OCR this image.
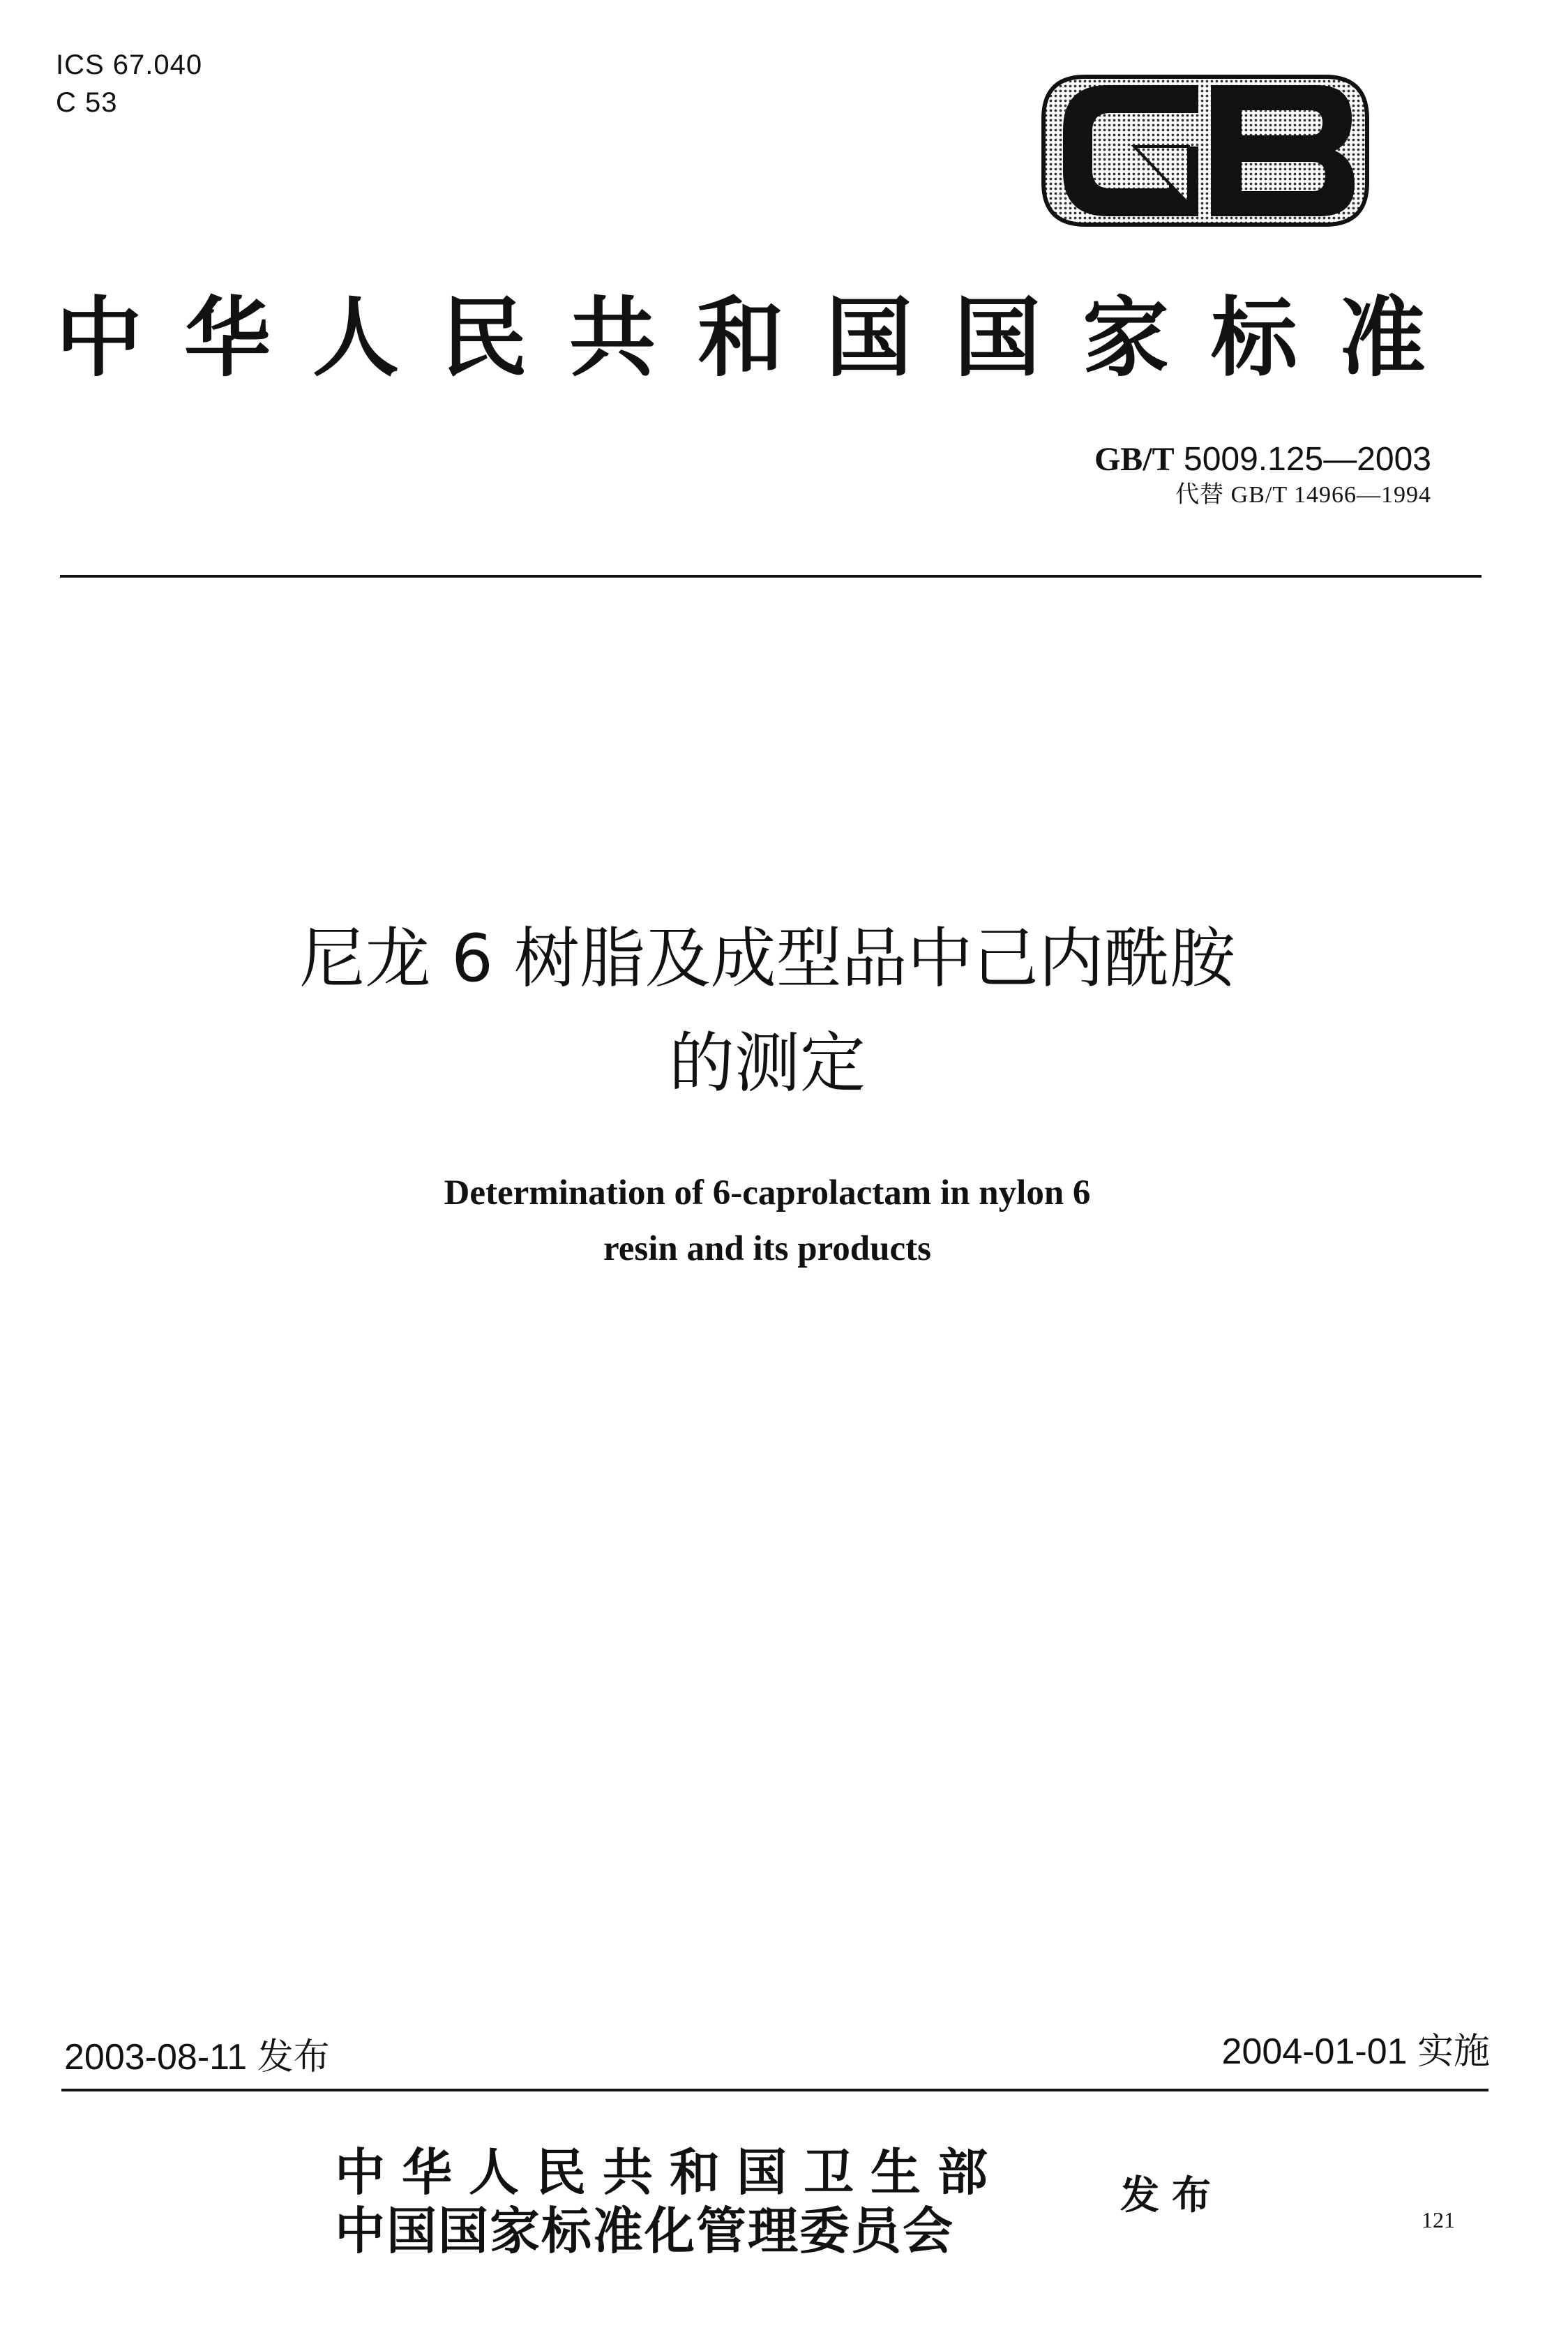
ICS 67.040
C 53
中华人民共和国国家标准
GB/T 5009.125—2003
代替 GB/T 14966—1994
尼龙 6 树脂及成型品中己内酰胺
的测定
Determination of 6-caprolactam in nylon 6
resin and its products
2003-08-11 发布	2004-01-01 实施
中华人民共和国卫生部
中国国家标准化管理委员会
发布
121
